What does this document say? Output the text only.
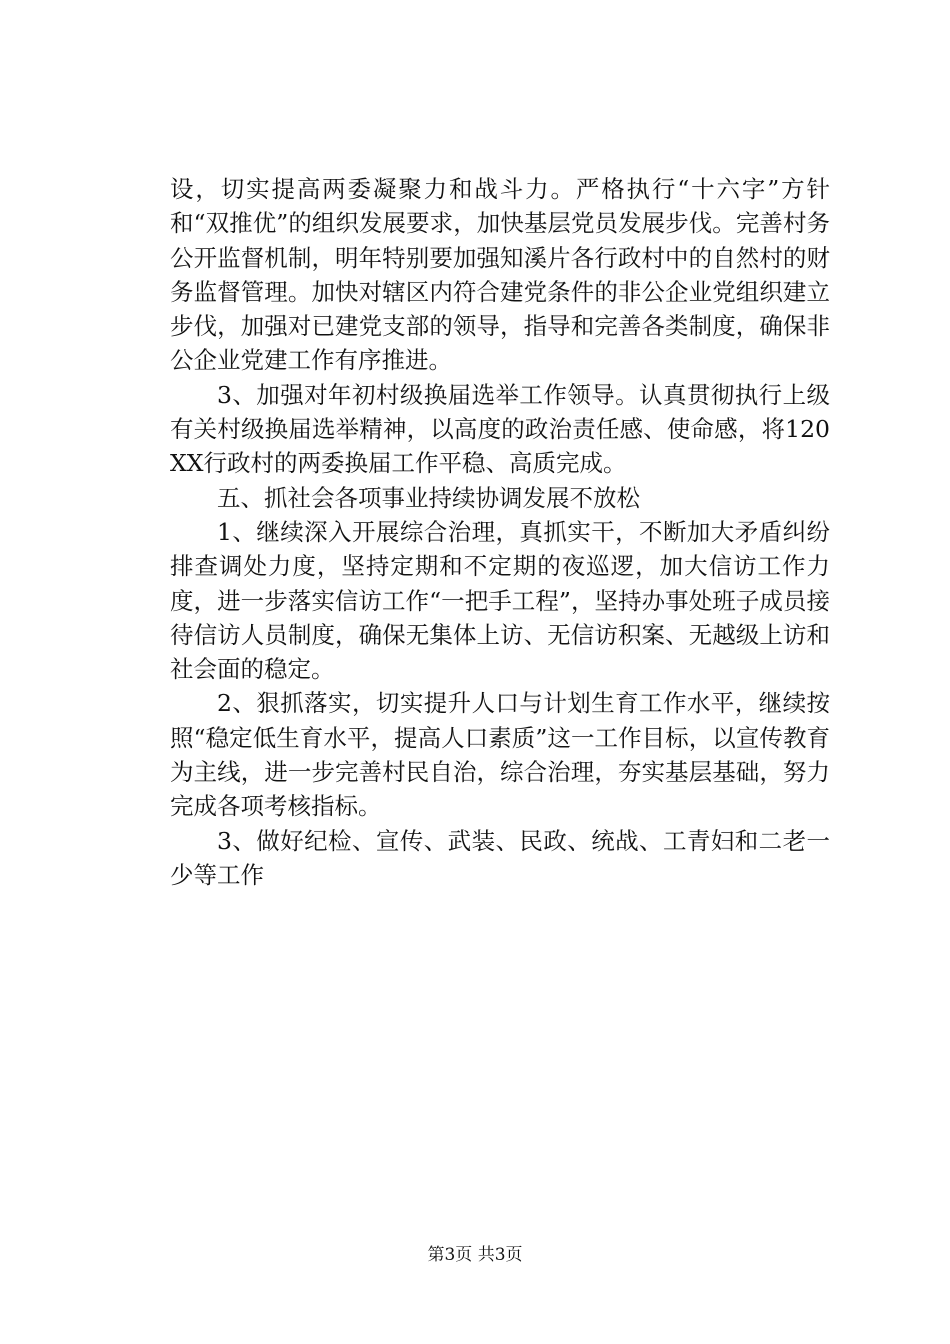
设，切实提高两委凝聚力和战斗力。严格执行“十六字”方针和“双推优”的组织发展要求，加快基层党员发展步伐。完善村务公开监督机制，明年特别要加强知溪片各行政村中的自然村的财务监督管理。加快对辖区内符合建党条件的非公企业党组织建立步伐，加强对已建党支部的领导，指导和完善各类制度，确保非公企业党建工作有序推进。

3、加强对年初村级换届选举工作领导。认真贯彻执行上级有关村级换届选举精神，以高度的政治责任感、使命感，将120XX行政村的两委换届工作平稳、高质完成。

五、抓社会各项事业持续协调发展不放松

1、继续深入开展综合治理，真抓实干，不断加大矛盾纠纷排查调处力度，坚持定期和不定期的夜巡逻，加大信访工作力度，进一步落实信访工作“一把手工程”，坚持办事处班子成员接待信访人员制度，确保无集体上访、无信访积案、无越级上访和社会面的稳定。

2、狠抓落实，切实提升人口与计划生育工作水平，继续按照“稳定低生育水平，提高人口素质”这一工作目标，以宣传教育为主线，进一步完善村民自治，综合治理，夯实基层基础，努力完成各项考核指标。

3、做好纪检、宣传、武装、民政、统战、工青妇和二老一少等工作

第3页 共3页
